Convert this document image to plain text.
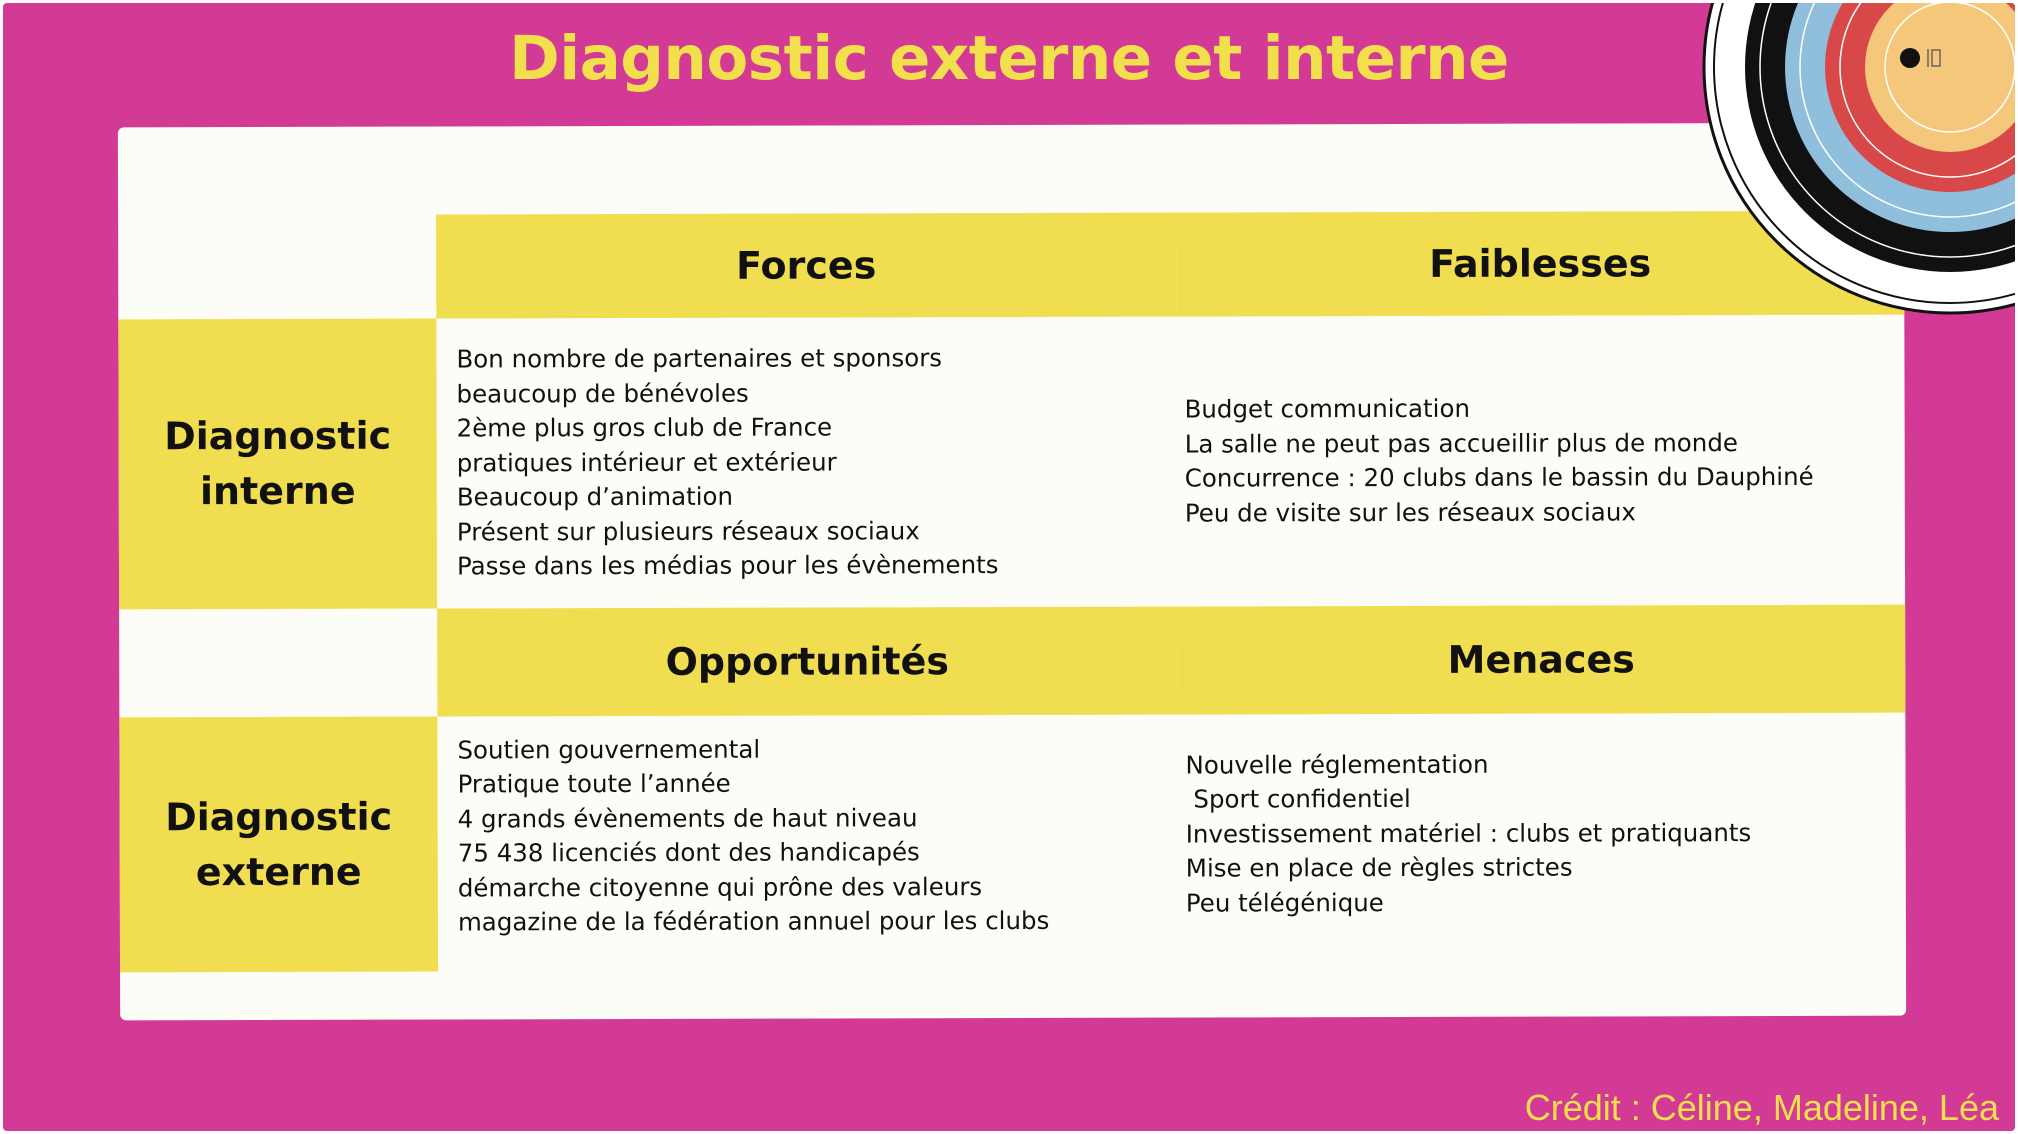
Diagnostic externe et interne
Forces	Faiblesses
Diagnostic
interne
Bon nombre de partenaires et sponsors
beaucoup de bénévoles
2ème plus gros club de France
pratiques intérieur et extérieur
Beaucoup d’animation
Présent sur plusieurs réseaux sociaux
Passe dans les médias pour les évènements
Budget communication
La salle ne peut pas accueillir plus de monde
Concurrence : 20 clubs dans le bassin du Dauphiné
Peu de visite sur les réseaux sociaux
Opportunités	Menaces
Diagnostic
externe
Soutien gouvernemental
Pratique toute l’année
4 grands évènements de haut niveau
75 438 licenciés dont des handicapés
démarche citoyenne qui prône des valeurs
magazine de la fédération annuel pour les clubs
Nouvelle réglementation
Sport confidentiel
Investissement matériel : clubs et pratiquants
Mise en place de règles strictes
Peu télégénique
Crédit : Céline, Madeline, Léa
